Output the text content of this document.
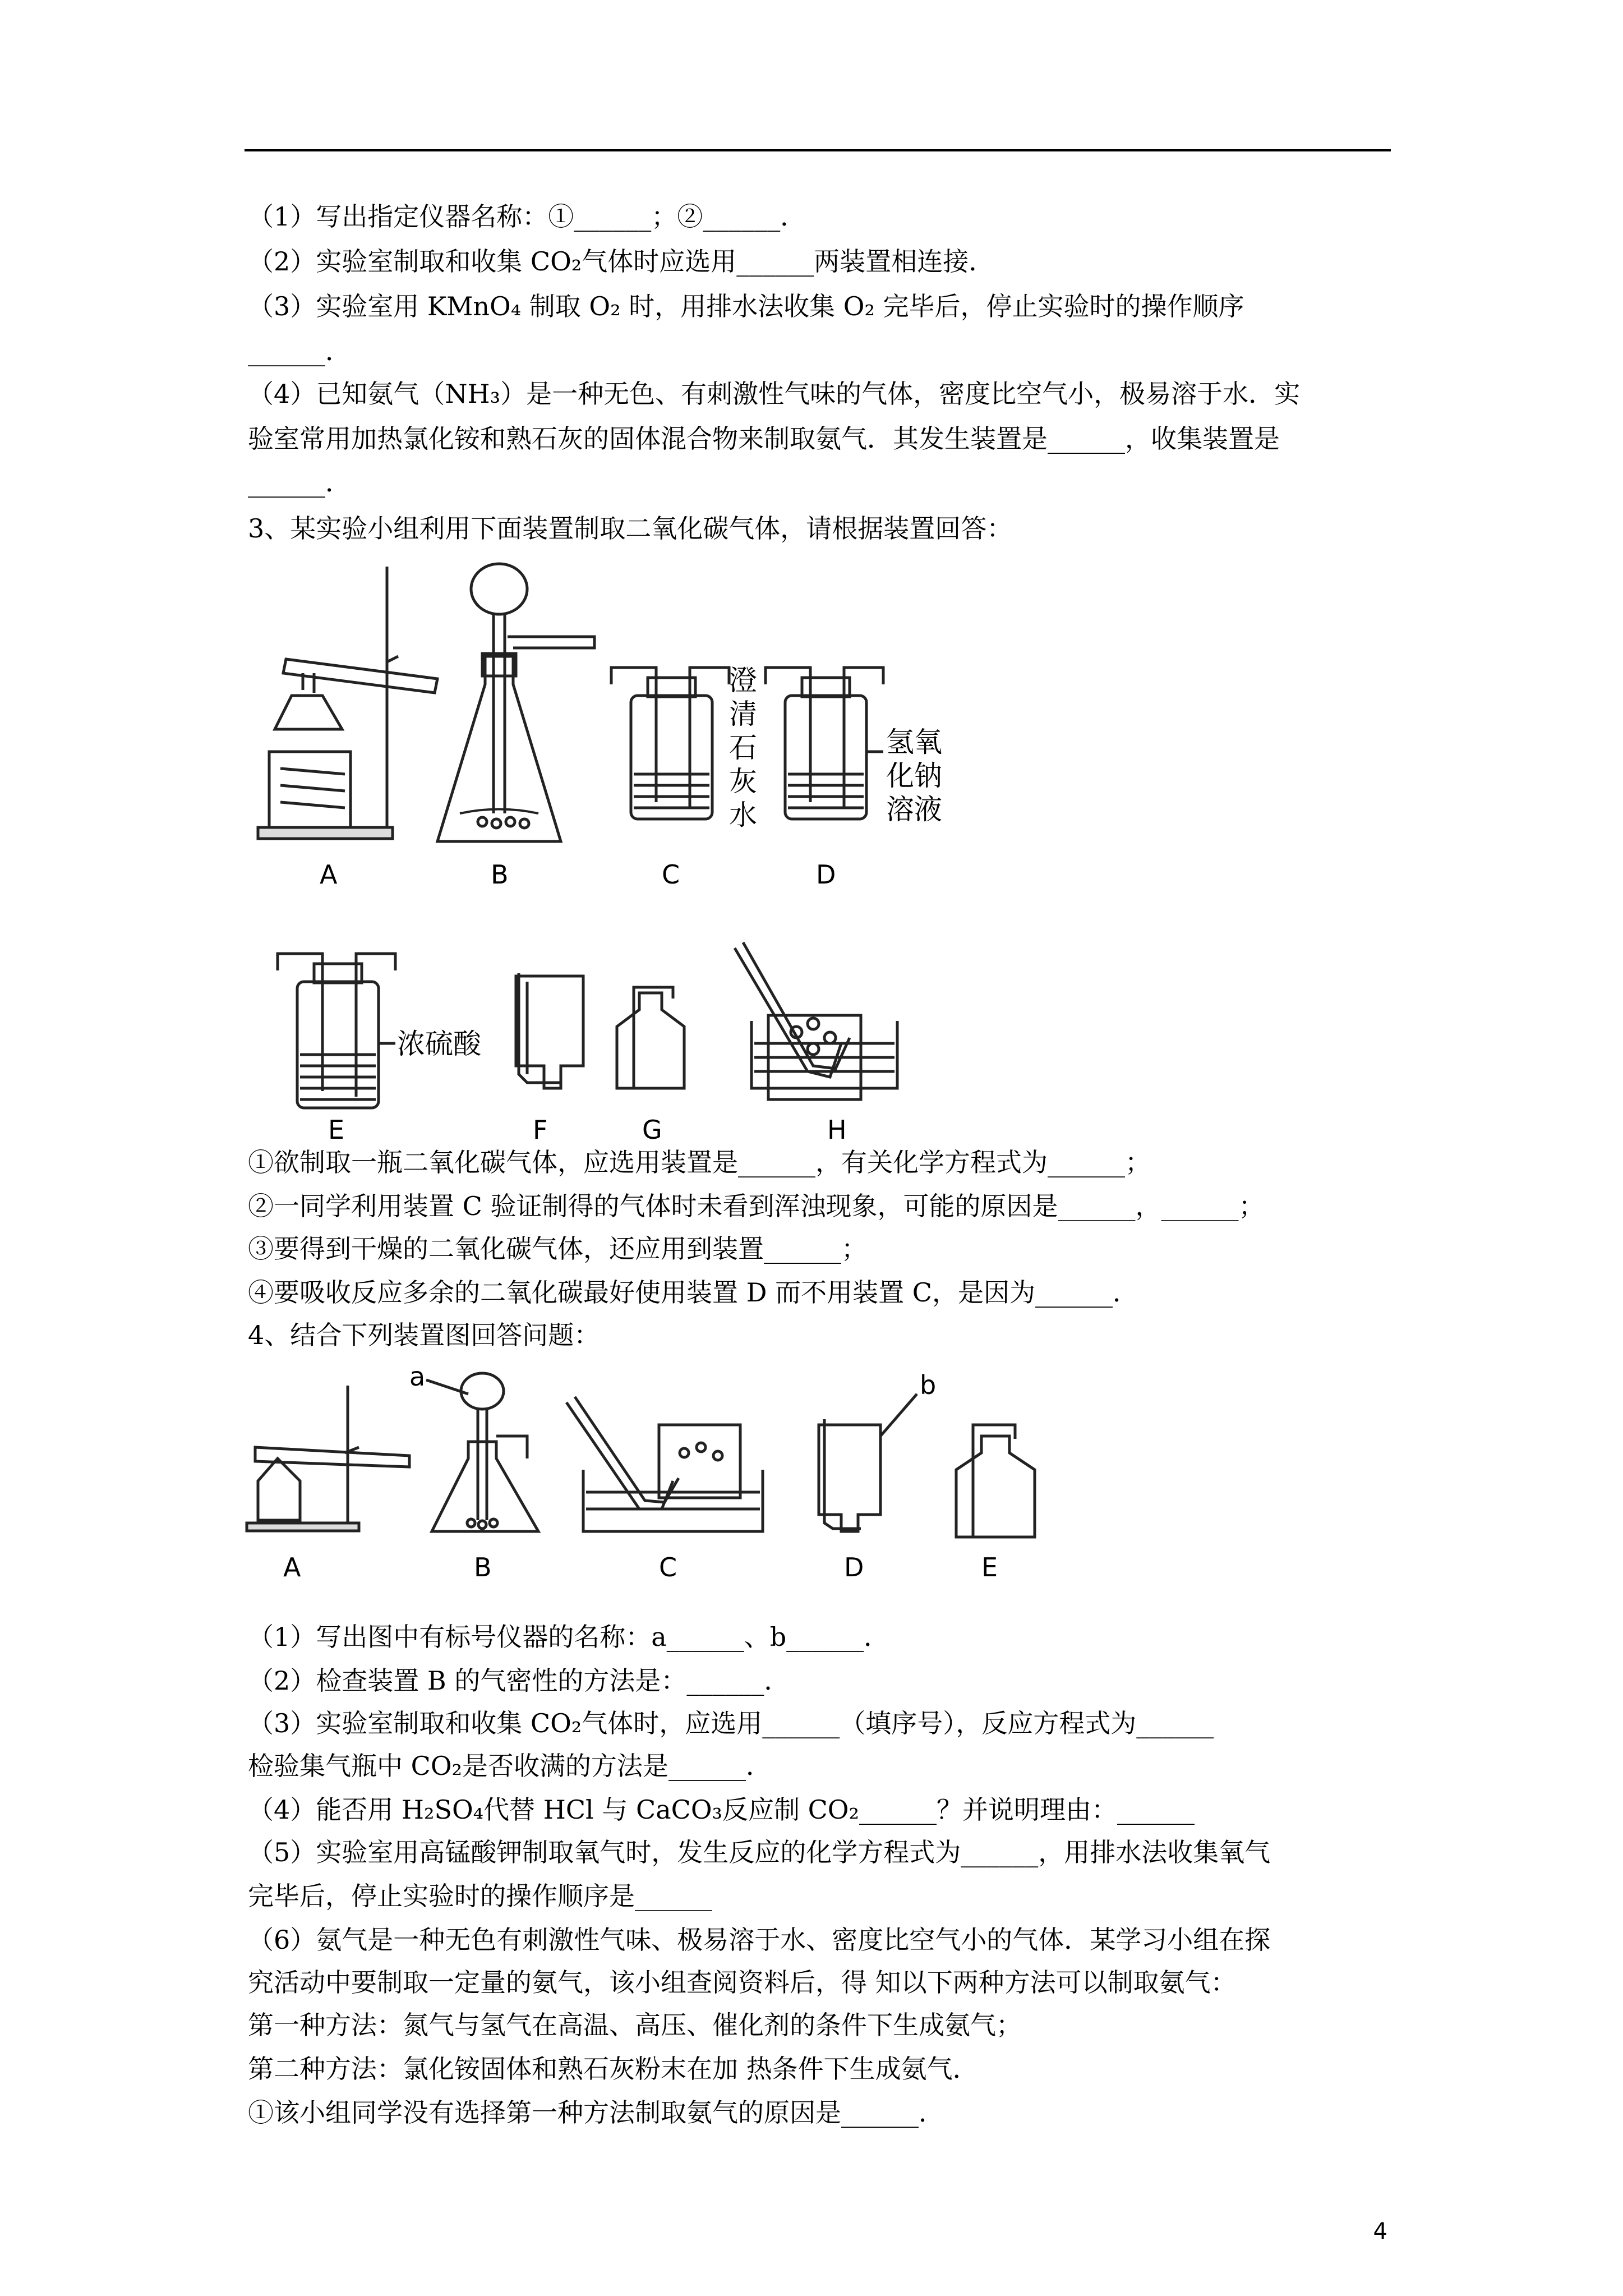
（1）写出指定仪器名称：①______；②______．
（2）实验室制取和收集 CO₂气体时应选用______两装置相连接．
（3）实验室用 KMnO₄ 制取 O₂ 时，用排水法收集 O₂ 完毕后，停止实验时的操作顺序
______．
（4）已知氨气（NH₃）是一种无色、有刺激性气味的气体，密度比空气小，极易溶于水．实
验室常用加热氯化铵和熟石灰的固体混合物来制取氨气．其发生装置是______，收集装置是
______．
3、某实验小组利用下面装置制取二氧化碳气体，请根据装置回答：
A	B	C
澄
清
石
灰
水
D
氢氧
化钠
溶液
浓硫酸
E	F	G	H
①欲制取一瓶二氧化碳气体，应选用装置是______，有关化学方程式为______；
②一同学利用装置 C 验证制得的气体时未看到浑浊现象，可能的原因是______，______；
③要得到干燥的二氧化碳气体，还应用到装置______；
④要吸收反应多余的二氧化碳最好使用装置 D 而不用装置 C，是因为______．
4、结合下列装置图回答问题：
A
a
B	C
b
D	E
（1）写出图中有标号仪器的名称：a______、b______．
（2）检查装置 B 的气密性的方法是：______．
（3）实验室制取和收集 CO₂气体时，应选用______（填序号），反应方程式为______
检验集气瓶中 CO₂是否收满的方法是______．
（4）能否用 H₂SO₄代替 HCl 与 CaCO₃反应制 CO₂______？并说明理由：______
（5）实验室用高锰酸钾制取氧气时，发生反应的化学方程式为______，用排水法收集氧气
完毕后，停止实验时的操作顺序是______
（6）氨气是一种无色有刺激性气味、极易溶于水、密度比空气小的气体．某学习小组在探
究活动中要制取一定量的氨气，该小组查阅资料后，得 知以下两种方法可以制取氨气：
第一种方法：氮气与氢气在高温、高压、催化剂的条件下生成氨气；
第二种方法：氯化铵固体和熟石灰粉末在加 热条件下生成氨气．
①该小组同学没有选择第一种方法制取氨气的原因是______．
4
